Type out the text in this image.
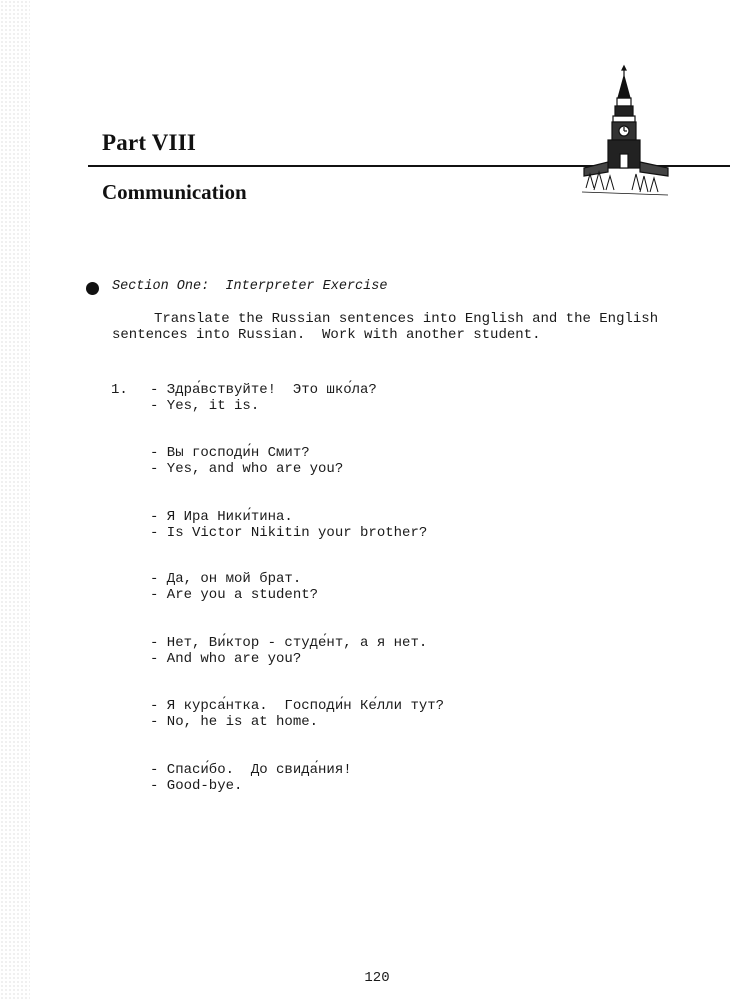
Part VIII
Communication
Section One:  Interpreter Exercise
Translate the Russian sentences into English and the English
sentences into Russian.  Work with another student.
1. - Здра́вствуйте!  Это шко́ла?
- Yes, it is.
- Вы господи́н Смит?
- Yes, and who are you?
- Я Ира Ники́тина.
- Is Victor Nikitin your brother?
- Да, он мой брат.
- Are you a student?
- Нет, Ви́ктор - студе́нт, а я нет.
- And who are you?
- Я курса́нтка.  Господи́н Ке́лли тут?
- No, he is at home.
- Спаси́бо.  До свида́ния!
- Good-bye.
120
